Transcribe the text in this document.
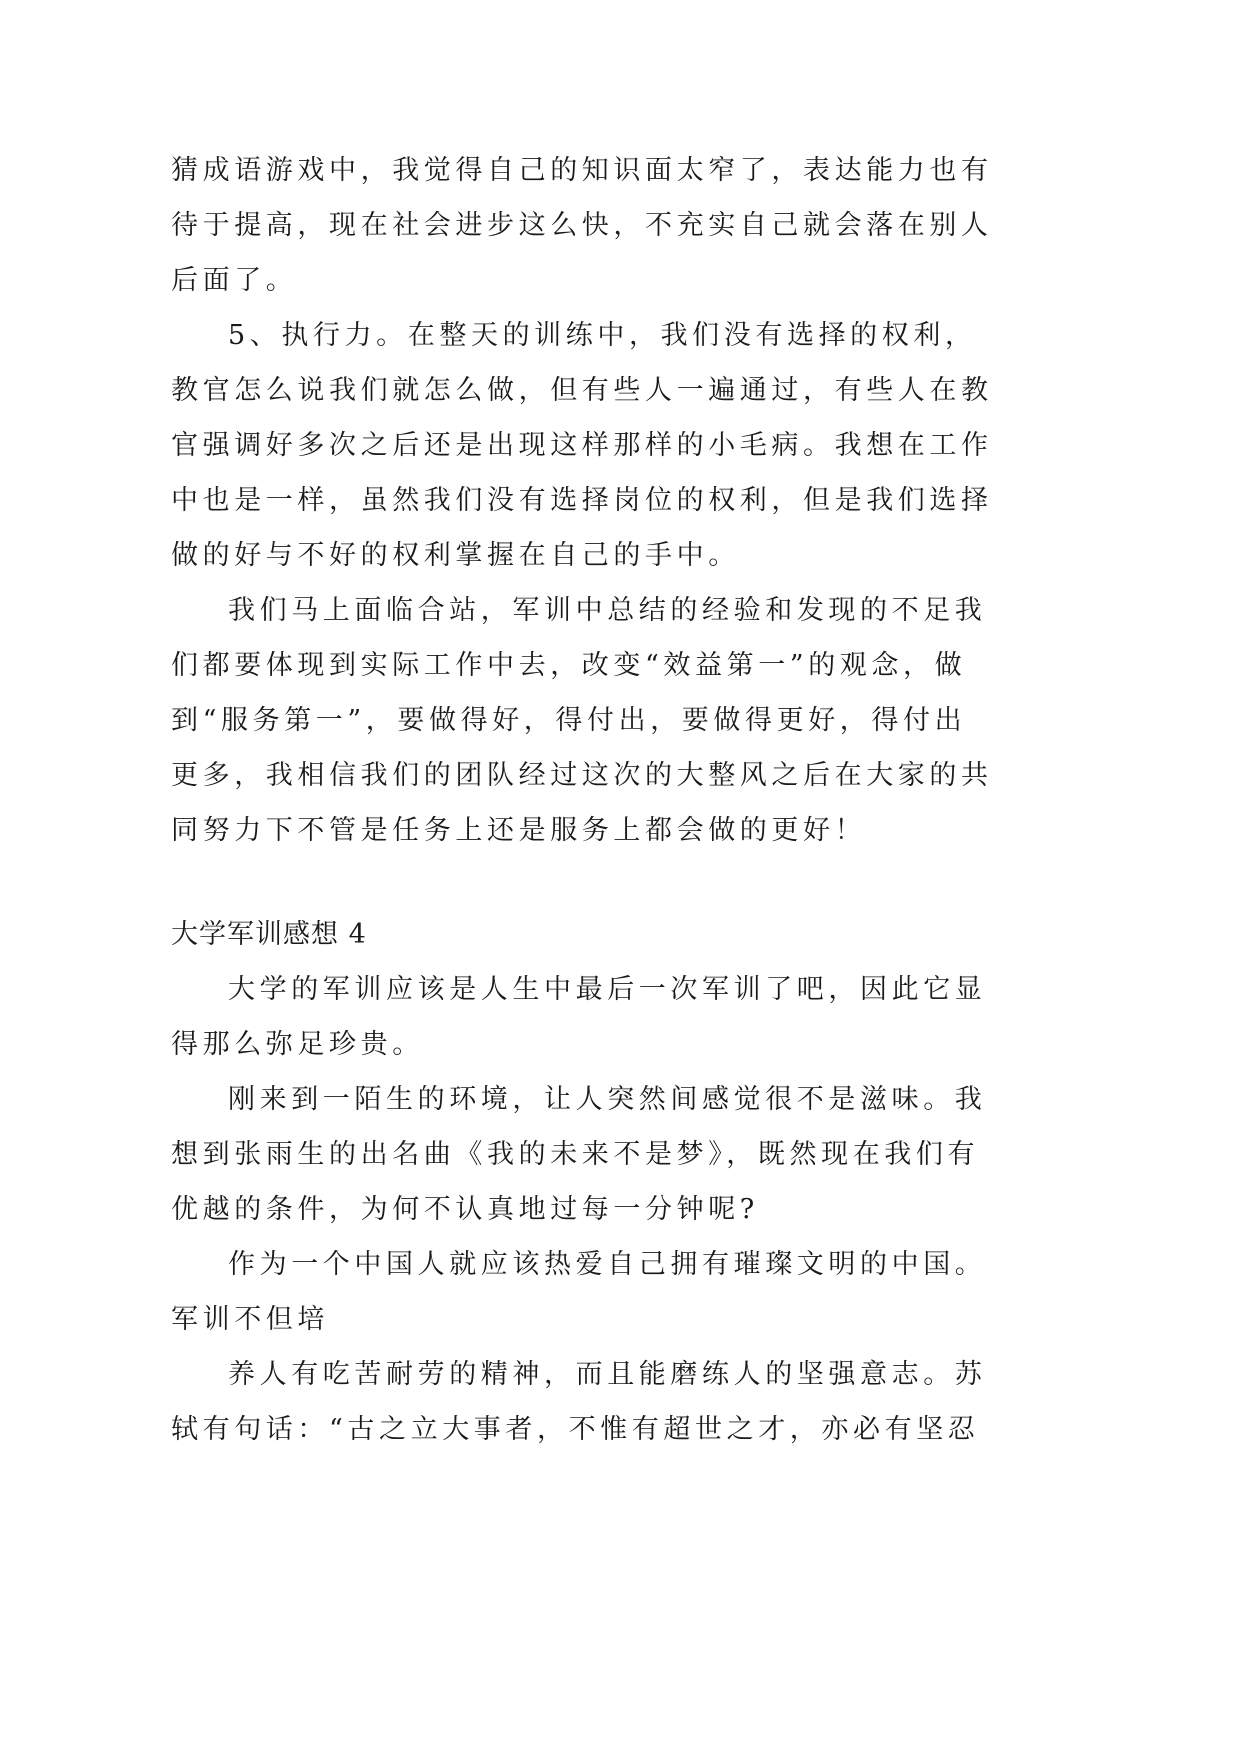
猜成语游戏中，我觉得自己的知识面太窄了，表达能力也有
待于提高，现在社会进步这么快，不充实自己就会落在别人
后面了。
5、执行力。在整天的训练中，我们没有选择的权利，
教官怎么说我们就怎么做，但有些人一遍通过，有些人在教
官强调好多次之后还是出现这样那样的小毛病。我想在工作
中也是一样，虽然我们没有选择岗位的权利，但是我们选择
做的好与不好的权利掌握在自己的手中。
我们马上面临合站，军训中总结的经验和发现的不足我
们都要体现到实际工作中去，改变“效益第一”的观念，做
到“服务第一”，要做得好，得付出，要做得更好，得付出
更多，我相信我们的团队经过这次的大整风之后在大家的共
同努力下不管是任务上还是服务上都会做的更好！
大学军训感想 4
大学的军训应该是人生中最后一次军训了吧，因此它显
得那么弥足珍贵。
刚来到一陌生的环境，让人突然间感觉很不是滋味。我
想到张雨生的出名曲《我的未来不是梦》，既然现在我们有
优越的条件，为何不认真地过每一分钟呢?
作为一个中国人就应该热爱自己拥有璀璨文明的中国。
军训不但培
养人有吃苦耐劳的精神，而且能磨练人的坚强意志。苏
轼有句话：“古之立大事者，不惟有超世之才，亦必有坚忍
